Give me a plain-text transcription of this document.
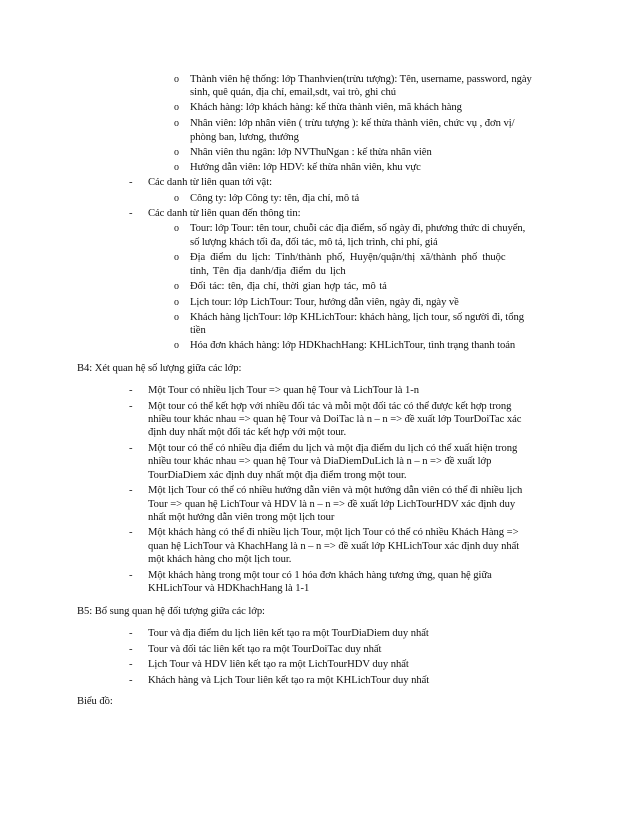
o Thành viên hệ thống: lớp Thanhvien(trừu tượng): Tên, username, password, ngày
sinh, quê quán, địa chỉ, email,sdt, vai trò, ghi chú
o Khách hàng: lớp khách hàng: kế thừa thành viên, mã khách hàng
o Nhân viên: lớp nhân viên ( trừu tượng ): kế thừa thành viên, chức vụ , đơn vị/
phòng ban, lương, thưởng
o Nhân viên thu ngân: lớp NVThuNgan : kế thừa nhân viên
o Hướng dẫn viên: lớp HDV: kế thừa nhân viên, khu vực
- Các danh từ liên quan tới vật:
o Công ty: lớp Công ty: tên, địa chỉ, mô tả
- Các danh từ liên quan đến thông tin:
o Tour: lớp Tour: tên tour, chuỗi các địa điểm, số ngày đi, phương thức di chuyển,
số lượng khách tối đa, đối tác, mô tả, lịch trình, chi phí, giá
o Địa điểm du lịch: Tỉnh/thành phố, Huyện/quận/thị xã/thành phố thuộc
tỉnh, Tên địa danh/địa điểm du lịch
o Đối tác: tên, địa chỉ, thời gian hợp tác, mô tả
o Lịch tour: lớp LichTour: Tour, hướng dẫn viên, ngày đi, ngày về
o Khách hàng lịchTour: lớp KHLichTour: khách hàng, lịch tour, số người đi, tổng
tiền
o Hóa đơn khách hàng: lớp HDKhachHang: KHLichTour, tình trạng thanh toán
B4: Xét quan hệ số lượng giữa các lớp:
- Một Tour có nhiều lịch Tour => quan hệ Tour và LichTour là 1-n
- Một tour có thể kết hợp với nhiều đối tác và mỗi một đối tác có thể được kết hợp trong
nhiều tour khác nhau => quan hệ Tour và DoiTac là n – n => đề xuất lớp TourDoiTac xác
định duy nhất một đối tác kết hợp với một tour.
- Một tour có thể có nhiều địa điểm du lịch và một địa điểm du lịch có thể xuất hiện trong
nhiều tour khác nhau => quan hệ Tour và DiaDiemDuLich là n – n => đề xuất lớp
TourDiaDiem xác định duy nhất một địa điểm trong một tour.
- Một lịch Tour có thể có nhiều hướng dẫn viên và một hướng dẫn viên có thể đi nhiều lịch
Tour => quan hệ LichTour và HDV là n – n => đề xuất lớp LichTourHDV xác định duy
nhất một hướng dẫn viên trong một lịch tour
- Một khách hàng có thể đi nhiều lịch Tour, một lịch Tour có thể có nhiều Khách Hàng =>
quan hệ LichTour và KhachHang là n – n => đề xuất lớp KHLichTour xác định duy nhất
một khách hàng cho một lịch tour.
- Một khách hàng trong một tour có 1 hóa đơn khách hàng tương ứng, quan hệ giữa
KHLichTour và HDKhachHang là 1-1
B5: Bổ sung quan hệ đối tượng giữa các lớp:
- Tour và địa điểm du lịch liên kết tạo ra một TourDiaDiem duy nhất
- Tour và đối tác liên kết tạo ra một TourDoiTac duy nhất
- Lịch Tour và HDV liên kết tạo ra một LichTourHDV duy nhất
- Khách hàng và Lịch Tour liên kết tạo ra một KHLichTour duy nhất
Biểu đồ:
